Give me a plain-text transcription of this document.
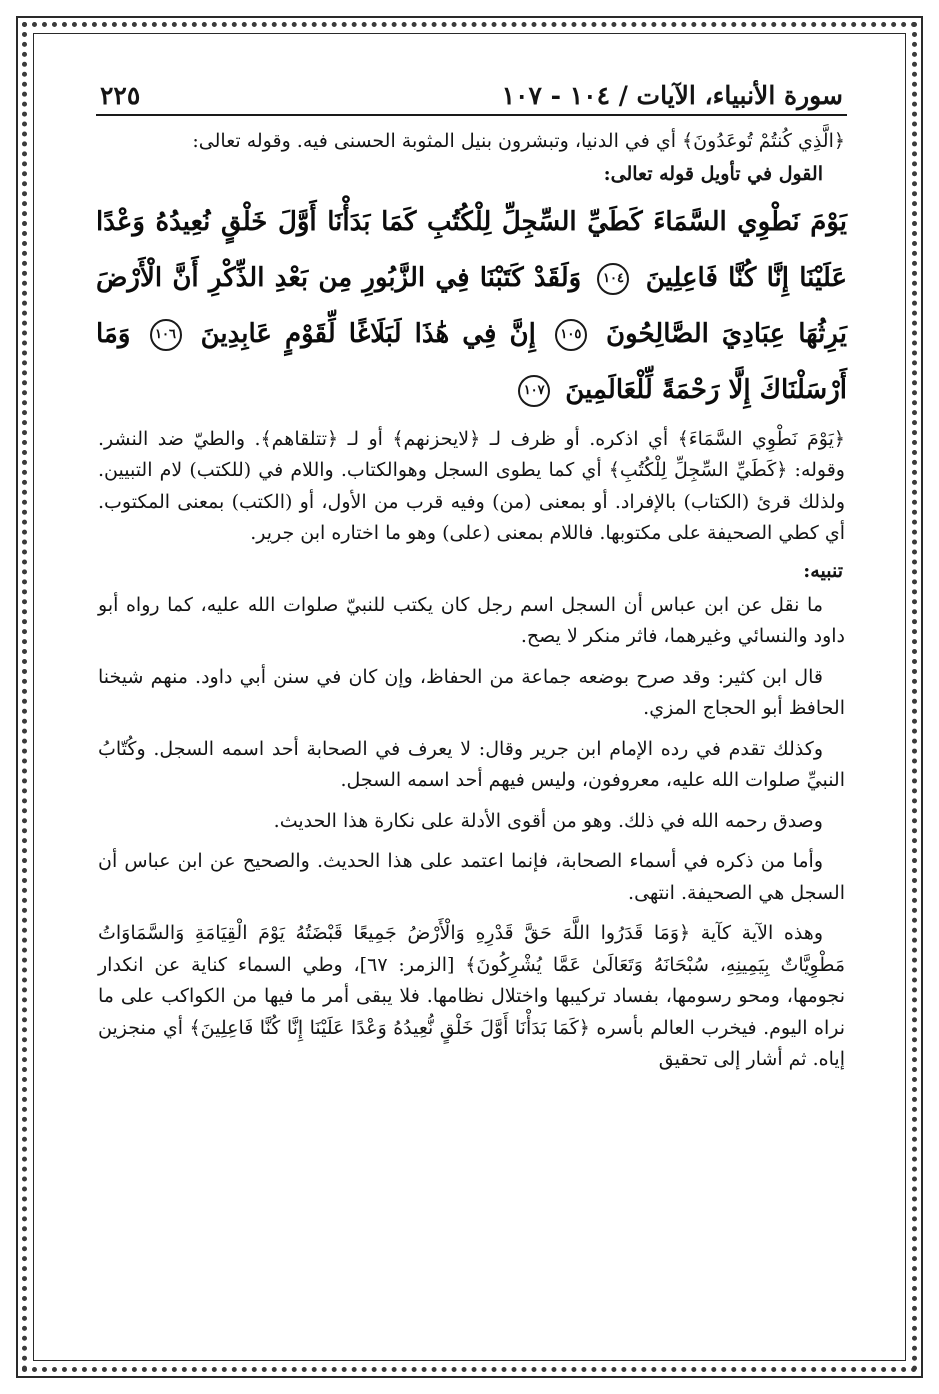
سورة الأنبياء، الآيات / ١٠٤ - ١٠٧
٢٢٥

﴿الَّذِي كُنتُمْ تُوعَدُونَ﴾ أي في الدنيا، وتبشرون بنيل المثوبة الحسنى فيه. وقوله تعالى:

القول في تأويل قوله تعالى:

يَوْمَ نَطْوِي السَّمَاءَ كَطَيِّ السِّجِلِّ لِلْكُتُبِ كَمَا بَدَأْنَا أَوَّلَ خَلْقٍ نُعِيدُهُ وَعْدًا عَلَيْنَا إِنَّا كُنَّا فَاعِلِينَ ١٠٤ وَلَقَدْ كَتَبْنَا فِي الزَّبُورِ مِن بَعْدِ الذِّكْرِ أَنَّ الْأَرْضَ يَرِثُهَا عِبَادِيَ الصَّالِحُونَ ١٠٥ إِنَّ فِي هَٰذَا لَبَلَاغًا لِّقَوْمٍ عَابِدِينَ ١٠٦ وَمَا أَرْسَلْنَاكَ إِلَّا رَحْمَةً لِّلْعَالَمِينَ ١٠٧

﴿يَوْمَ نَطْوِي السَّمَاءَ﴾ أي اذكره. أو ظرف لـ ﴿لايحزنهم﴾ أو لـ ﴿تتلقاهم﴾. والطيّ ضد النشر. وقوله: ﴿كَطَيِّ السِّجِلِّ لِلْكُتُبِ﴾ أي كما يطوى السجل وهوالكتاب. واللام في (للكتب) لام التبيين. ولذلك قرئ (الكتاب) بالإفراد. أو بمعنى (من) وفيه قرب من الأول، أو (الكتب) بمعنى المكتوب. أي كطي الصحيفة على مكتوبها. فاللام بمعنى (على) وهو ما اختاره ابن جرير.

تنبيه:

ما نقل عن ابن عباس أن السجل اسم رجل كان يكتب للنبيّ صلوات الله عليه، كما رواه أبو داود والنسائي وغيرهما، فاثر منكر لا يصح.

قال ابن كثير: وقد صرح بوضعه جماعة من الحفاظ، وإن كان في سنن أبي داود. منهم شيخنا الحافظ أبو الحجاج المزي.

وكذلك تقدم في رده الإمام ابن جرير وقال: لا يعرف في الصحابة أحد اسمه السجل. وكُتّابُ النبيِّ صلوات الله عليه، معروفون، وليس فيهم أحد اسمه السجل.

وصدق رحمه الله في ذلك. وهو من أقوى الأدلة على نكارة هذا الحديث.

وأما من ذكره في أسماء الصحابة، فإنما اعتمد على هذا الحديث. والصحيح عن ابن عباس أن السجل هي الصحيفة. انتهى.

وهذه الآية كآية ﴿وَمَا قَدَرُوا اللَّهَ حَقَّ قَدْرِهِ وَالْأَرْضُ جَمِيعًا قَبْضَتُهُ يَوْمَ الْقِيَامَةِ وَالسَّمَاوَاتُ مَطْوِيَّاتٌ بِيَمِينِهِ، سُبْحَانَهُ وَتَعَالَىٰ عَمَّا يُشْرِكُونَ﴾ [الزمر: ٦٧]، وطي السماء كناية عن انكدار نجومها، ومحو رسومها، بفساد تركيبها واختلال نظامها. فلا يبقى أمر ما فيها من الكواكب على ما نراه اليوم. فيخرب العالم بأسره ﴿كَمَا بَدَأْنَا أَوَّلَ خَلْقٍ نُّعِيدُهُ وَعْدًا عَلَيْنَا إِنَّا كُنَّا فَاعِلِينَ﴾ أي منجزين إياه. ثم أشار إلى تحقيق
